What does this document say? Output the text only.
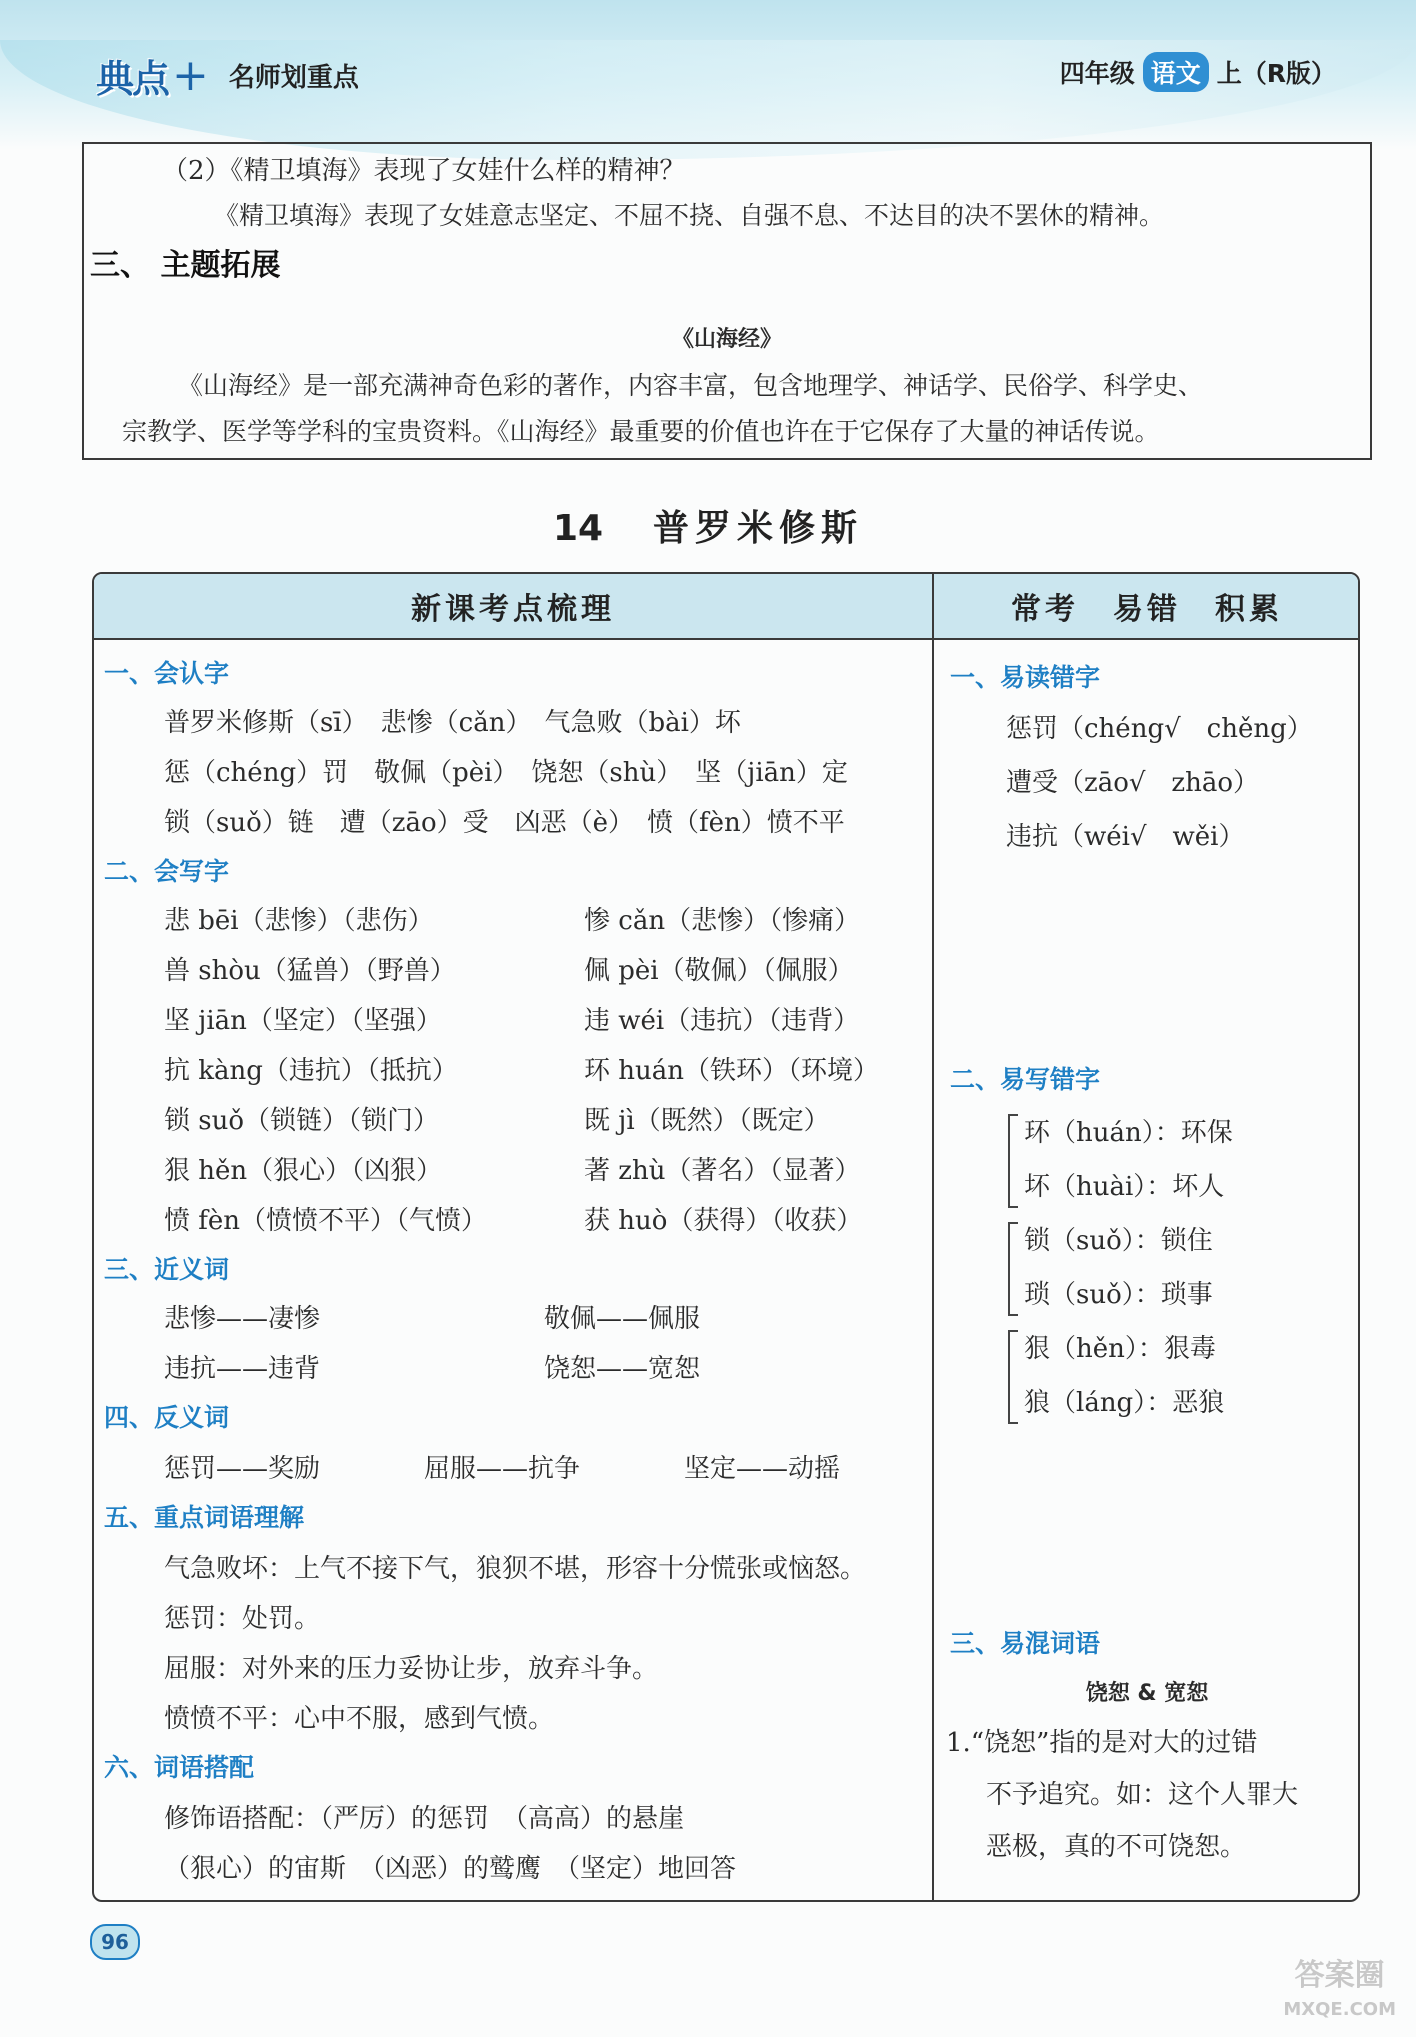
典点 + 名师划重点	四年级 语文 上（R版）
（2）《精卫填海》表现了女娃什么样的精神？
《精卫填海》表现了女娃意志坚定、不屈不挠、自强不息、不达目的决不罢休的精神。
三、 主题拓展
《山海经》
《山海经》是一部充满神奇色彩的著作，内容丰富，包含地理学、神话学、民俗学、科学史、
宗教学、医学等学科的宝贵资料。《山海经》最重要的价值也许在于它保存了大量的神话传说。
14 普罗米修斯
新课考点梳理	常考　易错　积累
一、会认字
普罗米修斯（sī）　悲惨（cǎn）　气急败（bài）坏
惩（chéng）罚　敬佩（pèi）　饶恕（shù）　坚（jiān）定
锁（suǒ）链　遭（zāo）受　凶恶（è）　愤（fèn）愤不平
二、会写字
悲 bēi（悲惨）（悲伤）	惨 cǎn（悲惨）（惨痛）
兽 shòu（猛兽）（野兽）	佩 pèi（敬佩）（佩服）
坚 jiān（坚定）（坚强）	违 wéi（违抗）（违背）
抗 kàng（违抗）（抵抗）	环 huán（铁环）（环境）
锁 suǒ（锁链）（锁门）	既 jì（既然）（既定）
狠 hěn（狠心）（凶狠）	著 zhù（著名）（显著）
愤 fèn（愤愤不平）（气愤）	获 huò（获得）（收获）
三、近义词
悲惨——凄惨	敬佩——佩服
违抗——违背	饶恕——宽恕
四、反义词
惩罚——奖励	屈服——抗争	坚定——动摇
五、重点词语理解
气急败坏：上气不接下气，狼狈不堪，形容十分慌张或恼怒。
惩罚：处罚。
屈服：对外来的压力妥协让步，放弃斗争。
愤愤不平：心中不服，感到气愤。
六、词语搭配
修饰语搭配：（严厉）的惩罚　（高高）的悬崖
（狠心）的宙斯　（凶恶）的鹫鹰　（坚定）地回答
一、易读错字
惩罚（chéng√　chěng）
遭受（zāo√　zhāo）
违抗（wéi√　wěi）
二、易写错字
环（huán）：环保
坏（huài）：坏人
锁（suǒ）：锁住
琐（suǒ）：琐事
狠（hěn）：狠毒
狼（láng）：恶狼
三、易混词语
饶恕 & 宽恕
1.“饶恕”指的是对大的过错
不予追究。如：这个人罪大
恶极，真的不可饶恕。
96
答案圈
MXQE.COM
